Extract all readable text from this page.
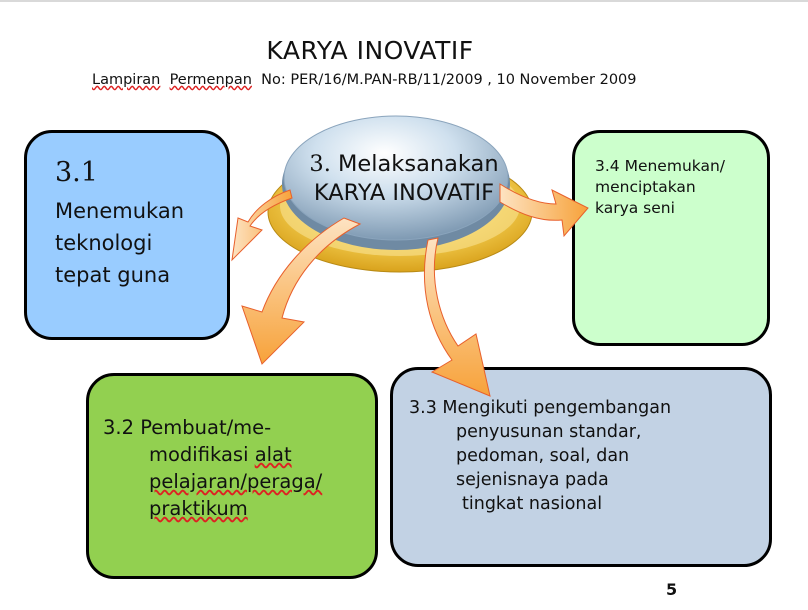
KARYA INOVATIF
Lampiran Permenpan No: PER/16/M.PAN-RB/11/2009 , 10 November 2009
3.1
Menemukan
teknologi
tepat guna
3.2 Pembuat/me-
modifikasi alat
pelajaran/peraga/
praktikum
3.3 Mengikuti pengembangan
penyusunan standar,
pedoman, soal, dan
sejenisnaya pada
tingkat nasional
3.4 Menemukan/
menciptakan
karya seni
3. Melaksanakan
KARYA INOVATIF
5
